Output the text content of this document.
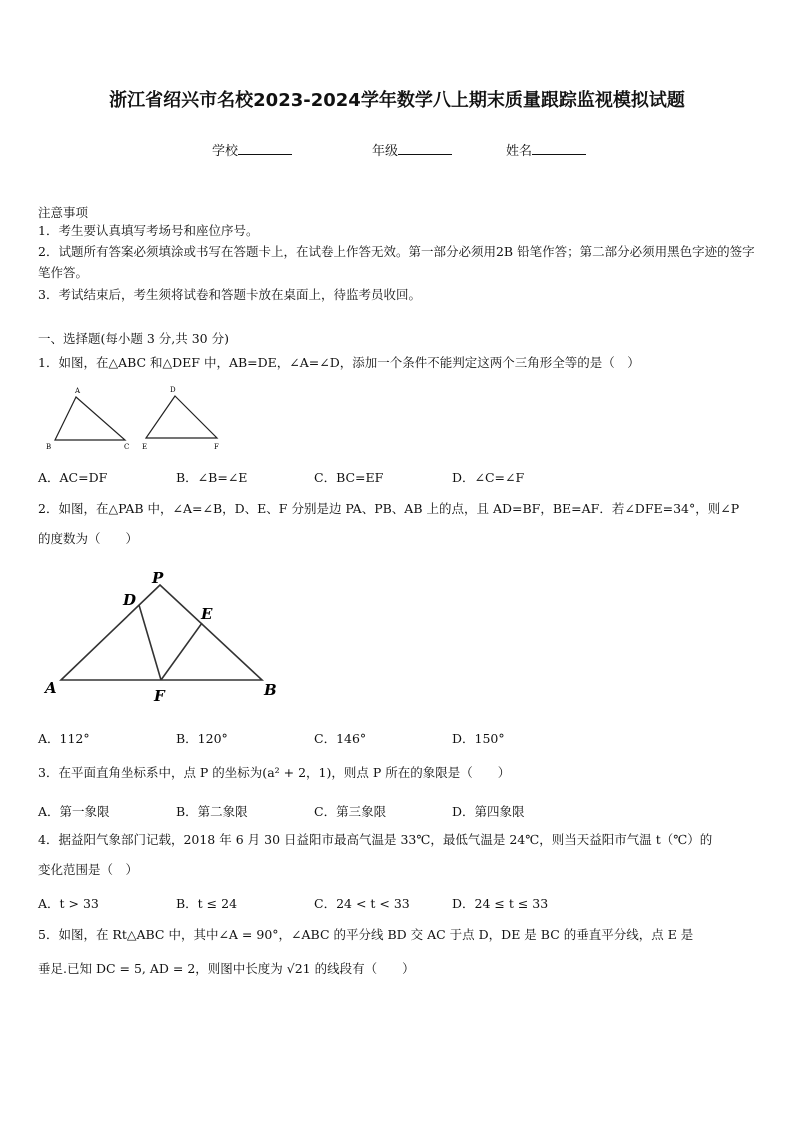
浙江省绍兴市名校2023-2024学年数学八上期末质量跟踪监视模拟试题
学校	年级	姓名
注意事项
1．考生要认真填写考场号和座位序号。
2．试题所有答案必须填涂或书写在答题卡上，在试卷上作答无效。第一部分必须用2B 铅笔作答；第二部分必须用黑色字迹的签字笔作答。
3．考试结束后，考生须将试卷和答题卡放在桌面上，待监考员收回。
一、选择题(每小题 3 分,共 30 分)
1．如图，在△ABC 和△DEF 中，AB=DE，∠A=∠D，添加一个条件不能判定这两个三角形全等的是（　）
A
B	C
D
E	F
A．AC=DF	B．∠B=∠E	C．BC=EF	D．∠C=∠F
2．如图，在△PAB 中，∠A=∠B，D、E、F 分别是边 PA、PB、AB 上的点，且 AD=BF，BE=AF．若∠DFE=34°，则∠P
的度数为（　　）
P
D
E
A	F	B
A．112°	B．120°	C．146°	D．150°
3．在平面直角坐标系中，点 P 的坐标为(a² + 2，1)，则点 P 所在的象限是（　　）
A．第一象限	B．第二象限	C．第三象限	D．第四象限
4．据益阳气象部门记载，2018 年 6 月 30 日益阳市最高气温是 33℃，最低气温是 24℃，则当天益阳市气温 t（℃）的
变化范围是（　）
A．t > 33	B．t ≤ 24	C．24 < t < 33	D．24 ≤ t ≤ 33
5．如图，在 Rt△ABC 中，其中∠A = 90°，∠ABC 的平分线 BD 交 AC 于点 D，DE 是 BC 的垂直平分线，点 E 是
垂足.已知 DC = 5, AD = 2，则图中长度为 √21 的线段有（　　）
